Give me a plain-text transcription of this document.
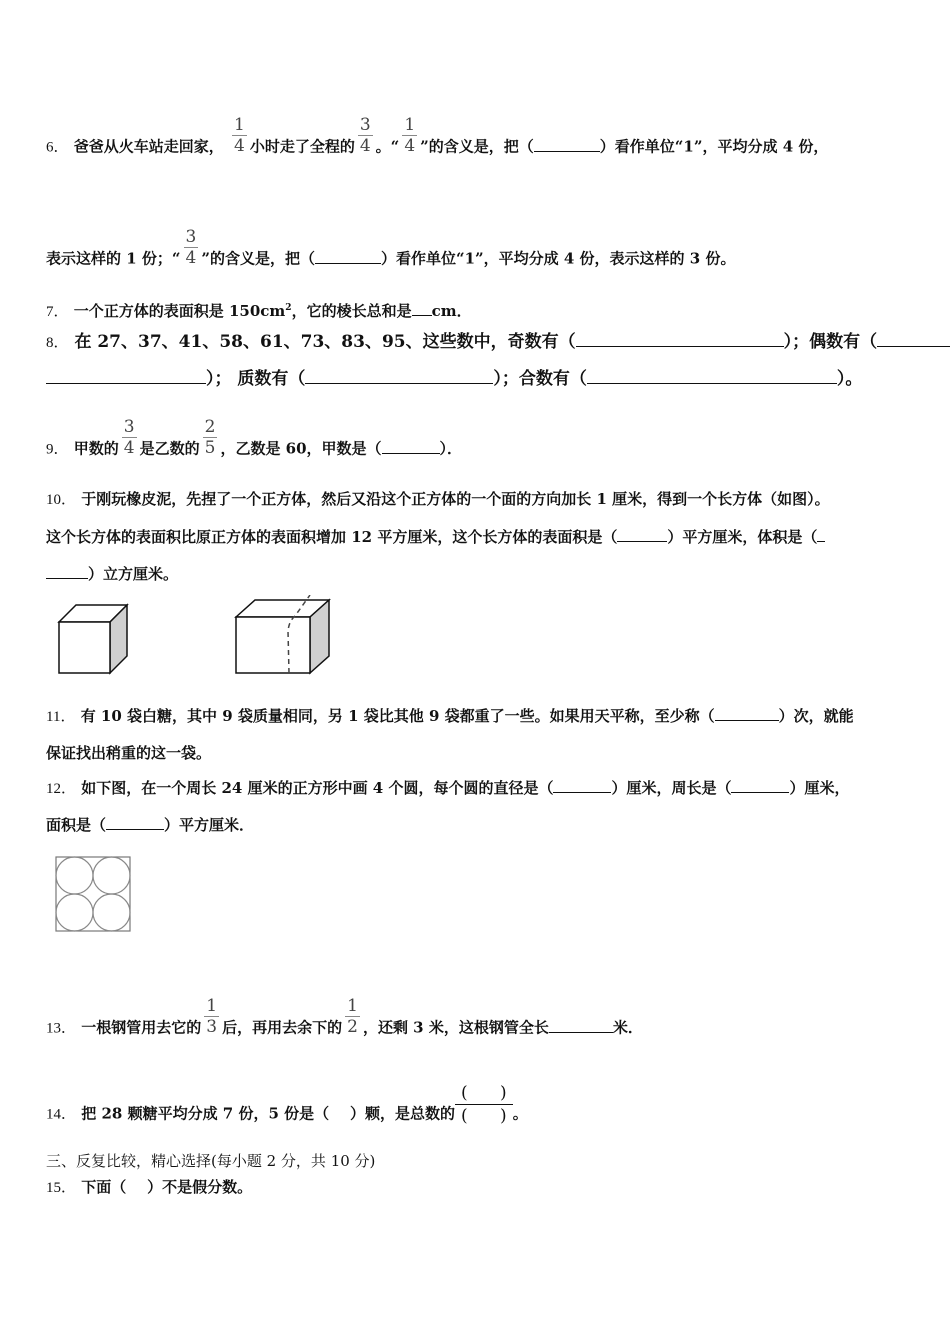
6． 爸爸从火车站走回家， $\frac{1}{4}$ 小时走了全程的 $\frac{3}{4}$ 。“ $\frac{1}{4}$ ”的含义是，把（	）看作单位“1”，平均分成 4 份，
表示这样的 1 份；“ $\frac{3}{4}$ ”的含义是，把（	）看作单位“1”，平均分成 4 份，表示这样的 3 份。
7． 一个正方体的表面积是 $150cm^2$，它的棱长总和是 cm．
8． 在 27、37、41、58、61、73、83、95、这些数中，奇数有（	）；偶数有（
）； 质数有（	）；合数有（	）。
9． 甲数的 $\frac{3}{4}$ 是乙数的 $\frac{2}{5}$ ，乙数是 60，甲数是（	）．
10． 于刚玩橡皮泥，先捏了一个正方体，然后又沿这个正方体的一个面的方向加长 1 厘米，得到一个长方体（如图）。
这个长方体的表面积比原正方体的表面积增加 12 平方厘米，这个长方体的表面积是（	）平方厘米，体积是（
）立方厘米。
11． 有 10 袋白糖，其中 9 袋质量相同，另 1 袋比其他 9 袋都重了一些。如果用天平称，至少称（	）次，就能
保证找出稍重的这一袋。
12． 如下图，在一个周长 24 厘米的正方形中画 4 个圆，每个圆的直径是（	）厘米，周长是（	）厘米，
面积是（	）平方厘米．
13． 一根钢管用去它的 $\frac{1}{3}$ 后，再用去余下的 $\frac{1}{2}$ ，还剩 3 米，这根钢管全长	米．
14． 把 28 颗糖平均分成 7 份，5 份是（    ）颗，是总数的
(      )
(      ) 。
三、反复比较，精心选择(每小题 2 分，共 10 分)
15． 下面（    ）不是假分数。
